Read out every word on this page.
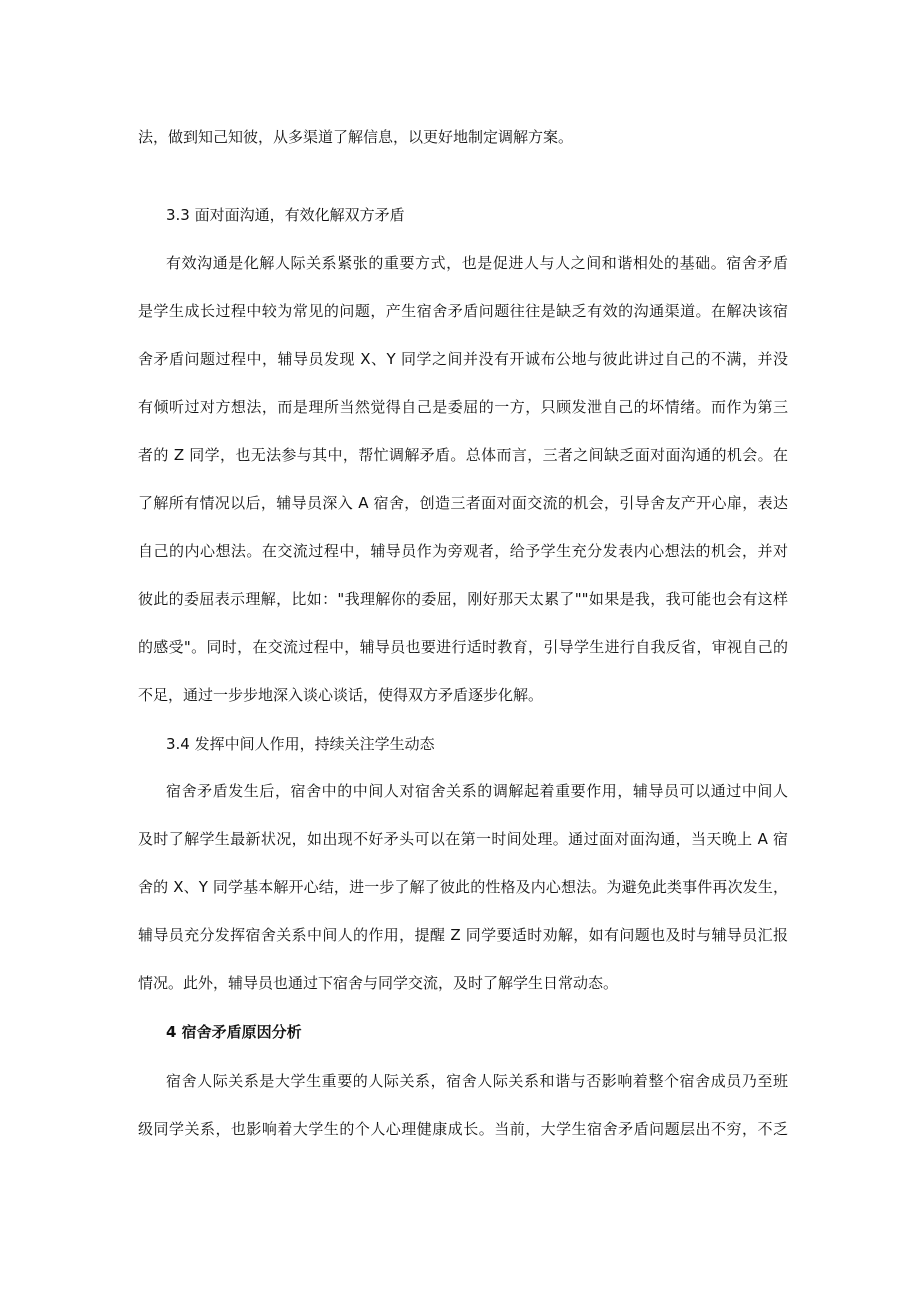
法，做到知己知彼，从多渠道了解信息，以更好地制定调解方案。
3.3 面对面沟通，有效化解双方矛盾
有效沟通是化解人际关系紧张的重要方式，也是促进人与人之间和谐相处的基础。宿舍矛盾
是学生成长过程中较为常见的问题，产生宿舍矛盾问题往往是缺乏有效的沟通渠道。在解决该宿
舍矛盾问题过程中，辅导员发现 X、Y 同学之间并没有开诚布公地与彼此讲过自己的不满，并没
有倾听过对方想法，而是理所当然觉得自己是委屈的一方，只顾发泄自己的坏情绪。而作为第三
者的 Z 同学，也无法参与其中，帮忙调解矛盾。总体而言，三者之间缺乏面对面沟通的机会。在
了解所有情况以后，辅导员深入 A 宿舍，创造三者面对面交流的机会，引导舍友产开心扉，表达
自己的内心想法。在交流过程中，辅导员作为旁观者，给予学生充分发表内心想法的机会，并对
彼此的委屈表示理解，比如："我理解你的委屈，刚好那天太累了""如果是我，我可能也会有这样
的感受"。同时，在交流过程中，辅导员也要进行适时教育，引导学生进行自我反省，审视自己的
不足，通过一步步地深入谈心谈话，使得双方矛盾逐步化解。
3.4 发挥中间人作用，持续关注学生动态
宿舍矛盾发生后，宿舍中的中间人对宿舍关系的调解起着重要作用，辅导员可以通过中间人
及时了解学生最新状况，如出现不好矛头可以在第一时间处理。通过面对面沟通，当天晚上 A 宿
舍的 X、Y 同学基本解开心结，进一步了解了彼此的性格及内心想法。为避免此类事件再次发生，
辅导员充分发挥宿舍关系中间人的作用，提醒 Z 同学要适时劝解，如有问题也及时与辅导员汇报
情况。此外，辅导员也通过下宿舍与同学交流，及时了解学生日常动态。
4 宿舍矛盾原因分析
宿舍人际关系是大学生重要的人际关系，宿舍人际关系和谐与否影响着整个宿舍成员乃至班
级同学关系，也影响着大学生的个人心理健康成长。当前，大学生宿舍矛盾问题层出不穷，不乏
